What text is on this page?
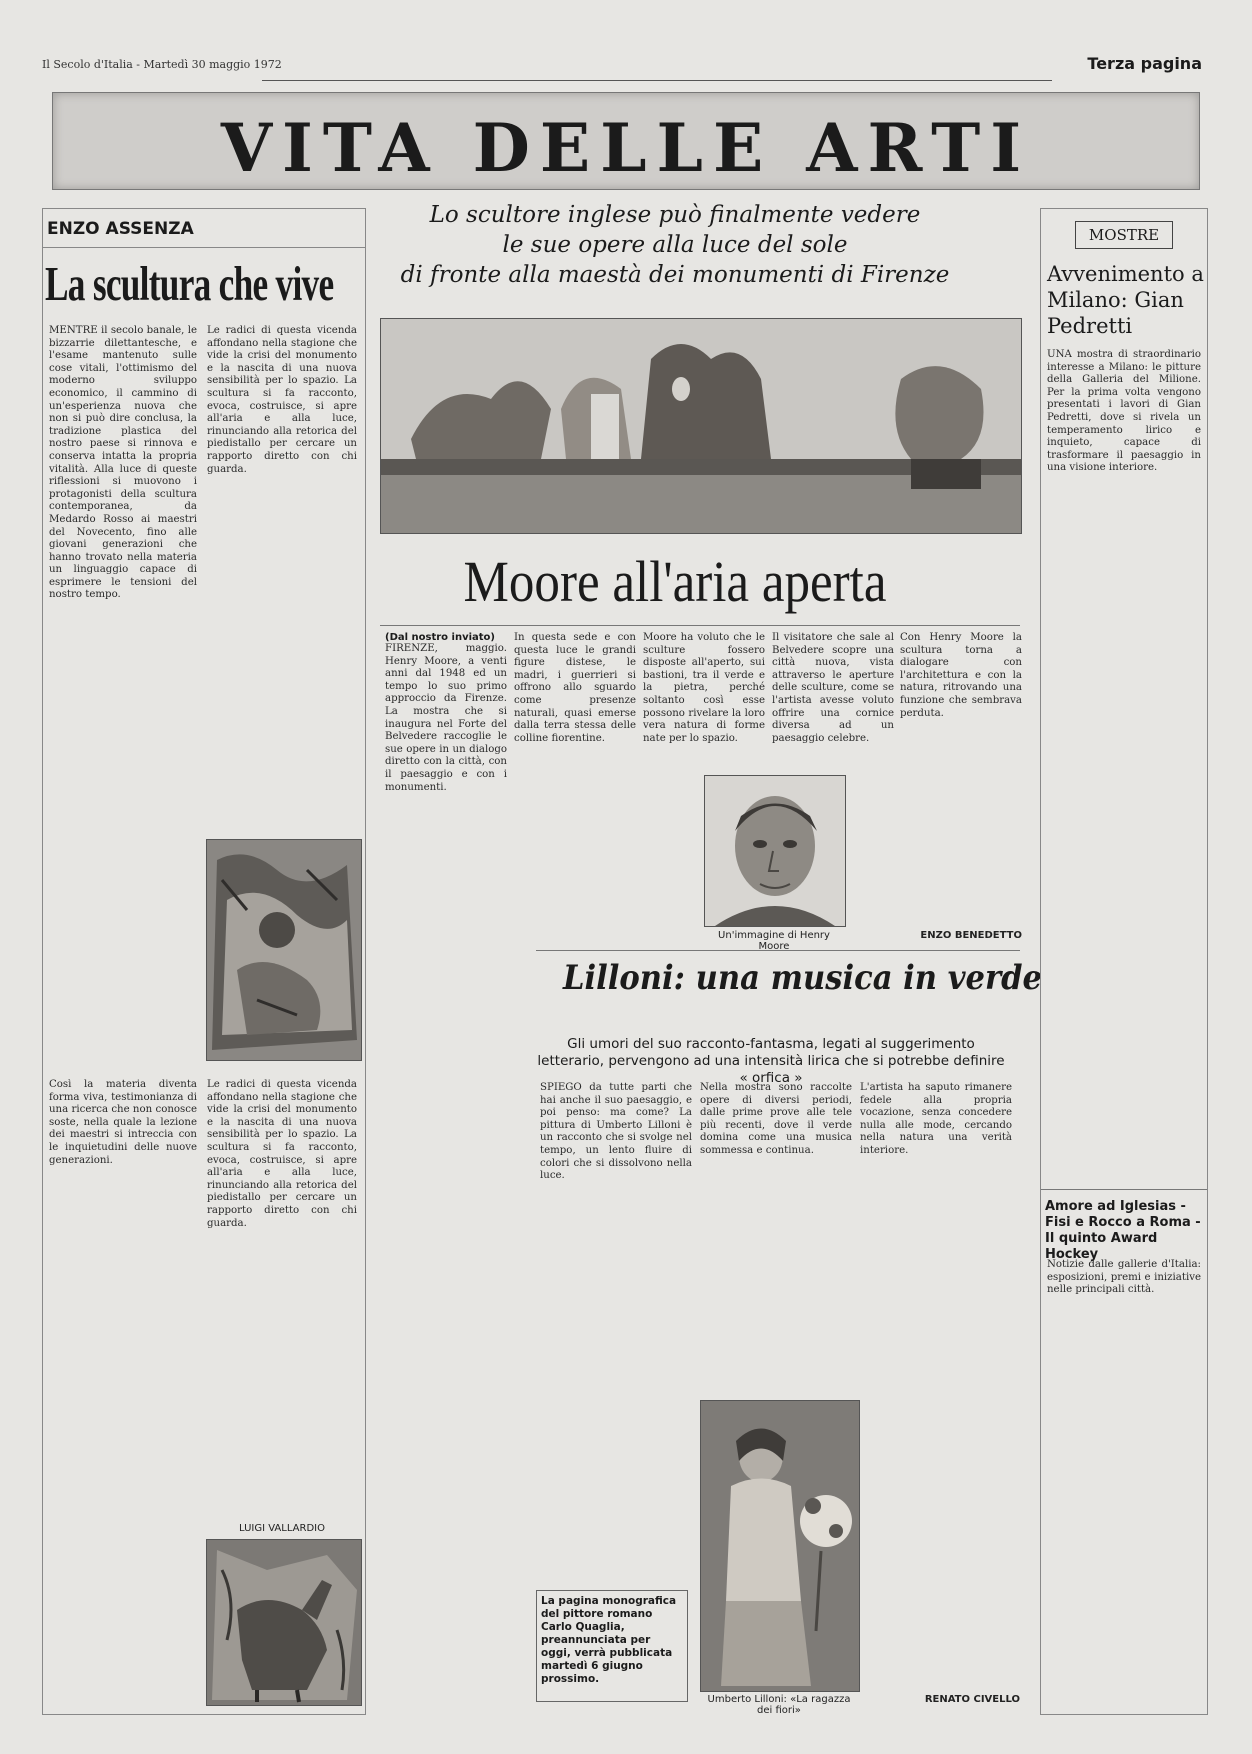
Il Secolo d'Italia - Martedì 30 maggio 1972	Terza pagina
VITA DELLE ARTI
ENZO ASSENZA
La scultura che vive
MENTRE il secolo banale, le bizzarrie dilettantesche, e l'esame mantenuto sulle cose vitali, l'ottimismo del moderno sviluppo economico, il cammino di un'esperienza nuova che non si può dire conclusa, la tradizione plastica del nostro paese si rinnova e conserva intatta la propria vitalità. Alla luce di queste riflessioni si muovono i protagonisti della scultura contemporanea, da Medardo Rosso ai maestri del Novecento, fino alle giovani generazioni che hanno trovato nella materia un linguaggio capace di esprimere le tensioni del nostro tempo.
Le radici di questa vicenda affondano nella stagione che vide la crisi del monumento e la nascita di una nuova sensibilità per lo spazio. La scultura si fa racconto, evoca, costruisce, si apre all'aria e alla luce, rinunciando alla retorica del piedistallo per cercare un rapporto diretto con chi guarda.
Così la materia diventa forma viva, testimonianza di una ricerca che non conosce soste, nella quale la lezione dei maestri si intreccia con le inquietudini delle nuove generazioni.
Le radici di questa vicenda affondano nella stagione che vide la crisi del monumento e la nascita di una nuova sensibilità per lo spazio. La scultura si fa racconto, evoca, costruisce, si apre all'aria e alla luce, rinunciando alla retorica del piedistallo per cercare un rapporto diretto con chi guarda.
LUIGI VALLARDIO
Lo scultore inglese può finalmente vedere
le sue opere alla luce del sole
di fronte alla maestà dei monumenti di Firenze
Moore all'aria aperta
(Dal nostro inviato)
FIRENZE, maggio. Henry Moore, a venti anni dal 1948 ed un tempo lo suo primo approccio da Firenze. La mostra che si inaugura nel Forte del Belvedere raccoglie le sue opere in un dialogo diretto con la città, con il paesaggio e con i monumenti.
In questa sede e con questa luce le grandi figure distese, le madri, i guerrieri si offrono allo sguardo come presenze naturali, quasi emerse dalla terra stessa delle colline fiorentine.
Moore ha voluto che le sculture fossero disposte all'aperto, sui bastioni, tra il verde e la pietra, perché soltanto così esse possono rivelare la loro vera natura di forme nate per lo spazio.
Il visitatore che sale al Belvedere scopre una città nuova, vista attraverso le aperture delle sculture, come se l'artista avesse voluto offrire una cornice diversa ad un paesaggio celebre.
Con Henry Moore la scultura torna a dialogare con l'architettura e con la natura, ritrovando una funzione che sembrava perduta.
Un'immagine di Henry Moore
ENZO BENEDETTO
Lilloni: una musica in verde
Gli umori del suo racconto-fantasma, legati al suggerimento letterario, pervengono ad una intensità lirica che si potrebbe definire « orfica »
SPIEGO da tutte parti che hai anche il suo paesaggio, e poi penso: ma come? La pittura di Umberto Lilloni è un racconto che si svolge nel tempo, un lento fluire di colori che si dissolvono nella luce.
Nella mostra sono raccolte opere di diversi periodi, dalle prime prove alle tele più recenti, dove il verde domina come una musica sommessa e continua.
L'artista ha saputo rimanere fedele alla propria vocazione, senza concedere nulla alle mode, cercando nella natura una verità interiore.
Umberto Lilloni: «La ragazza dei fiori»
RENATO CIVELLO
La pagina monografica del pittore romano Carlo Quaglia, preannunciata per oggi, verrà pubblicata martedì 6 giugno prossimo.
MOSTRE
Avvenimento a Milano: Gian Pedretti
UNA mostra di straordinario interesse a Milano: le pitture della Galleria del Milione. Per la prima volta vengono presentati i lavori di Gian Pedretti, dove si rivela un temperamento lirico e inquieto, capace di trasformare il paesaggio in una visione interiore.
Amore ad Iglesias - Fisi e Rocco a Roma - Il quinto Award Hockey
Notizie dalle gallerie d'Italia: esposizioni, premi e iniziative nelle principali città.
